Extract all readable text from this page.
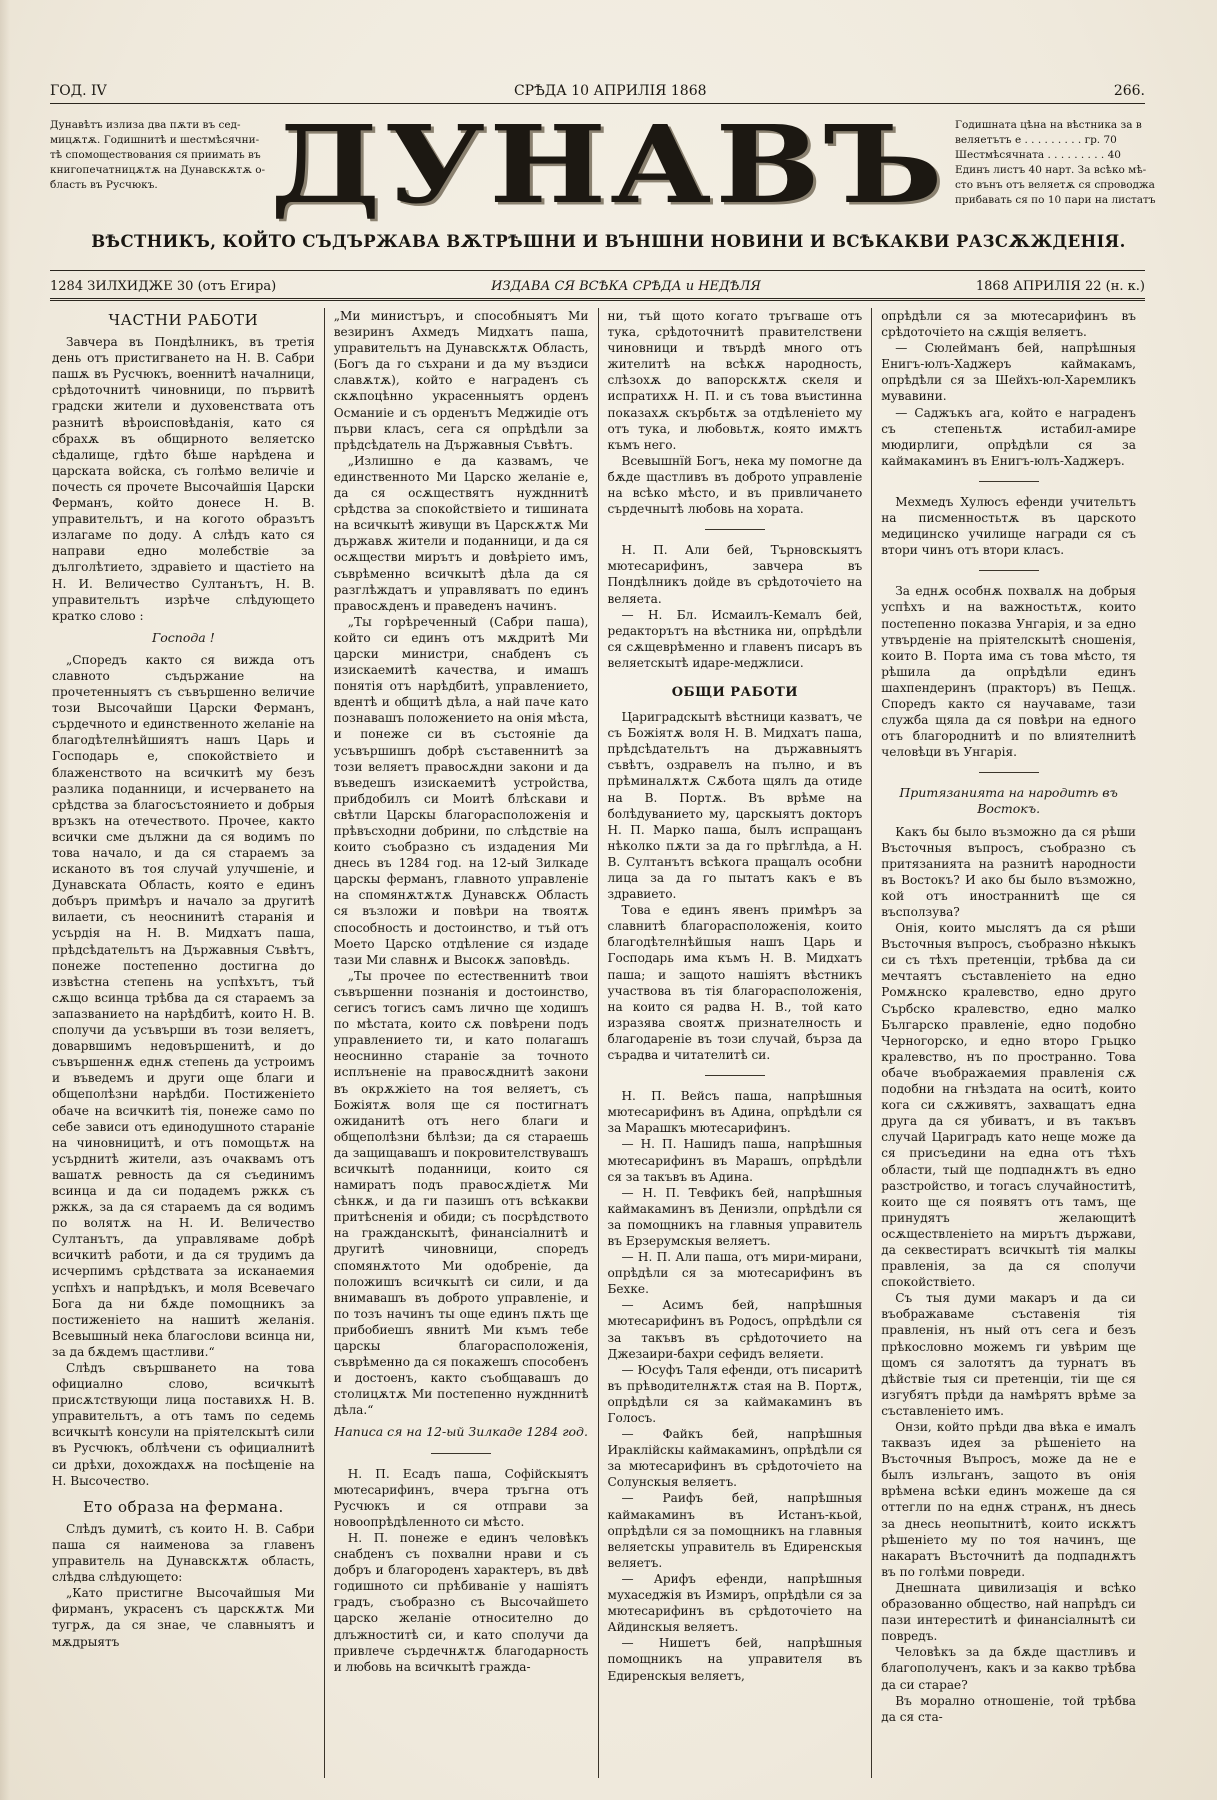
ГОД. IV	СРѢДА 10 АПРИЛІЯ 1868	266.
Дунавѣтъ излиза два пѫти въ сед-
мицѫтѫ. Годишнитѣ и шестмѣсячни-
тѣ спомоществования ся приимать въ
книгопечатницѫтѫ на Дунавскѫтѫ о-
бласть въ Русчюкъ. ДУНАВЪ Годишната цѣна на вѣстника за в
веляетътъ е . . . . . . . . . гр. 70
Шестмѣсячната . . . . . . . . . 40
Единъ листъ 40 нарт. За всѣко мѣ-
сто вънъ отъ веляетѫ ся спроводжа
прибавать ся по 10 пари на листатъ
ВѢСТНИКЪ, КОЙТО СЪДЪРЖАВА ВѪТРѢШНИ И ВЪНШНИ НОВИНИ И ВСѢКАКВИ РАЗСѪЖДЕНІЯ.
1284 ЗИЛХИДЖЕ 30 (отъ Егира)	ИЗДАВА СЯ ВСѢКА СРѢДА и НЕДѢЛЯ	1868 АПРИЛІЯ 22 (н. к.)
ЧАСТНИ РАБОТИ

Завчера въ Пондѣлникъ, въ третія день отъ пристигването на Н. В. Сабри пашѫ въ Русчюкъ, военнитѣ началници, срѣдоточнитѣ чиновници, по първитѣ градски жители и духовенствата отъ разнитѣ вѣроисповѣданія, като ся сбрахѫ въ общирното веляетско сѣдалище, гдѣто бѣше нарѣдена и царската войска, съ голѣмо величіе и почесть ся прочете Высочайшія Царски Ферманъ, който донесе Н. В. управительтъ, и на когото образътъ излагаме по доду. А слѣдъ като ся направи едно молебствіе за дълголѣтието, здравіето и щастіето на Н. И. Величество Султанътъ, Н. В. управительтъ изрѣче слѣдующето кратко слово :

Господа !

„Споредъ както ся вижда отъ славното съдържание на прочетенныятъ съ съвършенно величие този Высочайши Царски Ферманъ, сърдечното и единственното желаніе на благодѣтелнѣйшиятъ нашъ Царь и Господарь е, спокойствіето и блаженството на всичкитѣ му безъ разлика поданници, и исчерването на срѣдства за благосъстоянието и добрыя връзкъ на отечеството. Прочее, както всички сме дължни да ся водимъ по това начало, и да ся стараемъ за исканото въ тоя случай улучшеніе, и Дунавската Область, която е единъ добъръ примѣръ и начало за другитѣ вилаети, съ неоснинитѣ старанія и усърдія на Н. В. Мидхатъ паша, прѣдсѣдательтъ на Държавныя Съвѣтъ, понеже постепенно достигна до извѣстна степень на успѣхътъ, тъй сѫщо всинца трѣбва да ся стараемъ за запазванието на нарѣдбитѣ, които Н. В. сполучи да усъвърши въ този веляетъ, доварвшимъ недовършенитѣ, и до съвършеннѫ еднѫ степень да устроимъ и въведемъ и други още благи и общеполѣзни нарѣдби. Постиженіето обаче на всичкитѣ тія, понеже само по себе зависи отъ единодушното стараніе на чиновницитѣ, и отъ помощьтѫ на усърднитѣ жители, азъ очаквамъ отъ вашатѫ ревность да ся съединимъ всинца и да си подадемъ ржкѫ съ ржкѫ, за да ся стараемъ да ся водимъ по волятѫ на Н. И. Величество Султанътъ, да управляваме добрѣ всичкитѣ работи, и да ся трудимъ да исчерпимъ срѣдствата за исканаемия успѣхъ и напрѣдъкъ, и моля Всевечаго Бога да ни бѫде помощникъ за постиженіето на нашитѣ желанія. Всевышный нека благослови всинца ни, за да бѫдемъ щастливи.“

Слѣдъ свършването на това официално слово, всичкытѣ присѫтствующи лица поставихѫ Н. В. управительтъ, а отъ тамъ по седемь всичкытѣ консули на пріятелскытѣ сили въ Русчюкъ, облѣчени съ официалнитѣ си дрѣхи, дохождахѫ на посѣщеніе на Н. Высочество.

Ето образа на фермана.

Слѣдъ думитѣ, съ които Н. В. Сабри паша ся наименова за главенъ управитель на Дунавскѫтѫ область, слѣдва слѣдующето:

„Като пристигне Высочайшыя Ми фирманъ, украсенъ съ царскѫтѫ Ми тугрѫ, да ся знае, че славныятъ и мѫдрыятъ

„Ми министъръ, и способныятъ Ми везиринъ Ахмедъ Мидхатъ паша, управительтъ на Дунавскѫтѫ Область, (Богъ да го съхрани и да му въздиси славѫтѫ), който е награденъ съ скѫпоцѣнно украсенныятъ орденъ Османиіе и съ орденътъ Меджидіе отъ първи класъ, сега ся опрѣдѣли за прѣдсѣдатель на Държавныя Съвѣтъ.

„Излишно е да казвамъ, че единственното Ми Царско желаніе е, да ся осѫществятъ нуждннитѣ срѣдства за спокойствіето и тишината на всичкытѣ живущи въ Царскѫтѫ Ми държавѫ жители и поданници, и да ся осѫществи мирътъ и довѣріето имъ, съврѣменно всичкытѣ дѣла да ся разглѣждатъ и управляватъ по единъ правосѫденъ и праведенъ начинъ.

„Ты горѣреченный (Сабри паша), който си единъ отъ мѫдритѣ Ми царски министри, снабденъ съ изискаемитѣ качества, и имашъ понятія отъ нарѣдбитѣ, управлението, вдентѣ и общитѣ дѣла, а най паче като познавашъ положението на онія мѣста, и понеже си въ състояніе да усъвършишъ добрѣ съставеннитѣ за този веляетъ правосѫдни закони и да въведешъ изискаемитѣ устройства, прибдобилъ си Моитѣ блѣскави и свѣтли Царскы благорасположенія и прѣвъсходни добрини, по слѣдствіе на които съобразно съ издадения Ми днесь въ 1284 год. на 12-ый Зилкаде царскы ферманъ, главното управленіе на спомянѫтѫтѫ Дунавскѫ Область ся възложи и повѣри на твоятѫ способность и достоинство, и тъй отъ Моето Царско отдѣление ся издаде тази Ми славнѫ и Высокѫ заповѣдь.

„Ты прочее по естественнитѣ твои съвършенни познанія и достоинство, сегисъ тогисъ самъ лично ще ходишъ по мѣстата, които сѫ повѣрени подъ управлението ти, и като полагашъ неоснинно стараніе за точното исплъненіе на правосѫднитѣ закони въ окрѫжіето на тоя веляетъ, съ Божіятѫ воля ще ся постигнатъ ожиданитѣ отъ него благи и общеполѣзни бѣлѣзи; да ся стараешь да защищавашъ и покровителствувашъ всичкытѣ поданници, които ся намиратъ подъ правосѫдіетѫ Ми сѣнкѫ, и да ги пазишъ отъ всѣкакви притѣсненія и обиди; съ посрѣдството на гражданскытѣ, финансіалнитѣ и другитѣ чиновници, споредъ спомянѫтото Ми одобреніе, да положишъ всичкытѣ си сили, и да внимавашъ въ доброто управленіе, и по тозъ начинъ ты още единъ пѫть ще прибобиешъ явнитѣ Ми къмъ тебе царскы благорасположенія, съврѣменно да ся покажешъ способенъ и достоенъ, както съобщавашъ до столицѫтѫ Ми постепенно нуждннитѣ дѣла.“

Написа ся на 12-ый Зилкаде 1284 год.

Н. П. Есадъ паша, Софійскыятъ мютесарифинъ, вчера тръгна отъ Русчюкъ и ся отправи за новоопрѣдѣленното си мѣсто.

Н. П. понеже е единъ человѣкъ снабденъ съ похвални нрави и съ добръ и благороденъ характеръ, въ двѣ годишното си прѣбиваніе у нашіятъ градъ, съобразно съ Высочайшето царско желаніе относително до длъжноститѣ си, и като сполучи да привлече сърдечнѫтѫ благодарность и любовь на всичкытѣ гражда-

ни, тъй щото когато тръгваше отъ тука, срѣдоточнитѣ правителствени чиновници и твърдѣ много отъ жителитѣ на всѣкѫ народность, слѣзохѫ до вапорскѫтѫ скеля и испратихѫ Н. П. и съ това въистинна показахѫ скърбьтѫ за отдѣленіето му отъ тука, и любовьтѫ, която имѫтъ къмъ него.

Всевышнїй Богъ, нека му помогне да бѫде щастливъ въ доброто управленіе на всѣко мѣсто, и въ привличането сърдечнытѣ любовь на хората.

Н. П. Али бей, Търновскыятъ мютесарифинъ, завчера въ Пондѣлникъ дойде въ срѣдоточіето на веляета.

— Н. Бл. Исмаилъ-Кемалъ бей, редакторътъ на вѣстника ни, опрѣдѣли ся сѫщеврѣменно и главенъ писаръ въ веляетскытѣ идаре-меджлиси.

ОБЩИ РАБОТИ

Цариградскытѣ вѣстници казватъ, че съ Божіятѫ воля Н. В. Мидхатъ паша, прѣдсѣдательтъ на държавныятъ съвѣтъ, оздравелъ на пълно, и въ прѣминалѫтѫ Сѫбота щялъ да отиде на В. Портѫ. Въ врѣме на болѣдуванието му, царскыятъ докторъ Н. П. Марко паша, былъ испращанъ нѣколко пѫти за да го прѣглѣда, а Н. В. Султанътъ всѣкога пращалъ особни лица за да го пытатъ какъ е въ здравието.

Това е единъ явенъ примѣръ за славнитѣ благорасположенія, които благодѣтелнѣйшыя нашъ Царь и Господарь има къмъ Н. В. Мидхатъ паша; и защото нашіятъ вѣстникъ участвова въ тія благорасположенія, на които ся радва Н. В., той като изразява своятѫ признателность и благодареніе въ този случай, бърза да сърадва и читателитѣ си.

Н. П. Вейсъ паша, напрѣшныя мютесарифинъ въ Адина, опрѣдѣли ся за Марашкъ мютесарифинъ.

— Н. П. Нашидъ паша, напрѣшныя мютесарифинъ въ Марашъ, опрѣдѣли ся за такъвъ въ Адина.

— Н. П. Тевфикъ бей, напрѣшныя каймакаминъ въ Денизли, опрѣдѣли ся за помощникъ на главныя управитель въ Ерзерумскыя веляетъ.

— Н. П. Али паша, отъ мири-мирани, опрѣдѣли ся за мютесарифинъ въ Бехке.

— Асимъ бей, напрѣшныя мютесарифинъ въ Родосъ, опрѣдѣли ся за такъвъ въ срѣдоточието на Джезаири-бахри сефидъ веляети.

— Юсуфъ Таля ефенди, отъ писаритѣ въ прѣводителнѫтѫ стая на В. Портѫ, опрѣдѣли ся за каймакаминъ въ Голосъ.

— Файкъ бей, напрѣшныя Ираклійскы каймакаминъ, опрѣдѣли ся за мютесарифинъ въ срѣдоточіето на Солунскыя веляетъ.

— Раифъ бей, напрѣшныя каймакаминъ въ Истанъ-кьой, опрѣдѣли ся за помощникъ на главныя веляетскы управитель въ Едиренскыя веляетъ.

— Арифъ ефенди, напрѣшныя мухаседжія въ Измиръ, опрѣдѣли ся за мютесарифинъ въ срѣдоточіето на Айдинскыя веляетъ.

— Нишетъ бей, напрѣшныя помощникъ на управителя въ Едиренскыя веляетъ,

опрѣдѣли ся за мютесарифинъ въ срѣдоточіето на сѫщія веляетъ.

— Сюлейманъ бей, напрѣшныя Енигъ-юлъ-Хаджеръ каймакамъ, опрѣдѣли ся за Шейхъ-юл-Харемликъ мувавини.

— Саджъкъ ага, който е нагрaденъ съ степеньтѫ истабил-амире мюдирлиги, опрѣдѣли ся за каймакаминъ въ Енигъ-юлъ-Хаджеръ.

Мехмедъ Хулюсъ ефенди учительтъ на писменностьтѫ въ царското медицинско училище награди ся съ втори чинъ отъ втори класъ.

За еднѫ особнѫ похвалѫ на добрыя успѣхъ и на важностьтѫ, които постепенно показва Унгарія, и за едно утвърденіе на пріятелскытѣ сношенія, които В. Порта има съ това мѣсто, тя рѣшила да опрѣдѣли единъ шахпендеринъ (практоръ) въ Пещѫ. Споредъ както ся научаваме, тази служба щяла да ся повѣри на едного отъ благороднитѣ и по влиятелнитѣ человѣци въ Унгарія.

Притязанията на народитѣ въ Востокъ.

Какъ бы было възможно да ся рѣши Въсточныя въпросъ, съобразно съ притязанията на разнитѣ народности въ Востокъ? И ако бы было възможно, кой отъ иностраннитѣ ще ся въсползува?

Онія, които мыслятъ да ся рѣши Въсточныя въпросъ, съобразно нѣкыкъ си съ тѣхъ претенціи, трѣбва да си мечтаятъ съставленіето на едно Ромѫнско кралевство, едно друго Сърбско кралевство, едно малко Българско правленіе, едно подобно Черногорско, и едно второ Грьцко кралевство, нъ по пространно. Това обаче въображаемия правленія сѫ подобни на гнѣздата на оситѣ, които кога си сѫживятъ, захващатъ една друга да ся убиватъ, и въ такъвъ случай Цариградъ като неще може да ся присъедини на една отъ тѣхъ области, тый ще подпаднѫтъ въ едно разстройство, и тогасъ случайноститѣ, които ще ся появятъ отъ тамъ, ще принудятъ желающитѣ осѫществленіето на мирътъ държави, да секвестиратъ всичкытѣ тія малкы правленія, за да ся сполучи спокойствіето.

Съ тыя думи макаръ и да си въображаваме съставенія тія правленія, нъ ный отъ сега и безъ прѣкословно можемъ ги увѣрим ще щомъ ся залотятъ да турнатъ въ дѣйствіе тыя си претенціи, тіи ще ся изгубятъ прѣди да намѣрятъ врѣме за съставленіето имъ.

Онзи, който прѣди два вѣка е ималъ таквазъ идея за рѣшеніето на Въсточныя Въпросъ, може да не е былъ изльганъ, защото въ онія врѣмена всѣки единъ можеше да ся оттегли по на еднѫ странѫ, нъ днесь за днесь неопытнитѣ, които искѫтъ рѣшеніето му по тоя начинъ, ще накаратъ Въсточнитѣ да подпаднѫтъ въ по голѣми повреди.

Днешната цивилизація и всѣко образованно общество, най напрѣдъ си пази интереститѣ и финансіалнытѣ си повредъ.

Человѣкъ за да бѫде щастливъ и благополученъ, какъ и за какво трѣбва да си старае?

Въ моралнo отношеніе, той трѣбва да ся ста-
